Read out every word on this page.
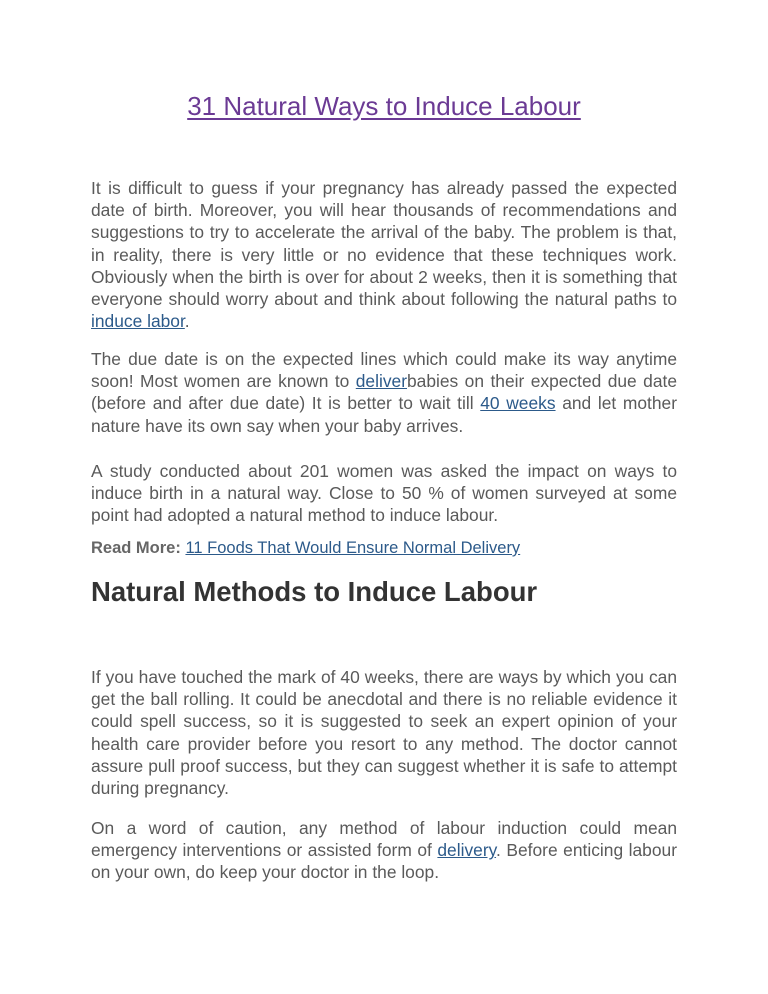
31 Natural Ways to Induce Labour

It is difficult to guess if your pregnancy has already passed the expected date of birth. Moreover, you will hear thousands of recommendations and suggestions to try to accelerate the arrival of the baby. The problem is that, in reality, there is very little or no evidence that these techniques work. Obviously when the birth is over for about 2 weeks, then it is something that everyone should worry about and think about following the natural paths to induce labor.

The due date is on the expected lines which could make its way anytime soon! Most women are known to deliverbabies on their expected due date (before and after due date) It is better to wait till 40 weeks and let mother nature have its own say when your baby arrives.

A study conducted about 201 women was asked the impact on ways to induce birth in a natural way. Close to 50 % of women surveyed at some point had adopted a natural method to induce labour.

Read More: 11 Foods That Would Ensure Normal Delivery

Natural Methods to Induce Labour

If you have touched the mark of 40 weeks, there are ways by which you can get the ball rolling. It could be anecdotal and there is no reliable evidence it could spell success, so it is suggested to seek an expert opinion of your health care provider before you resort to any method. The doctor cannot assure pull proof success, but they can suggest whether it is safe to attempt during pregnancy.

On a word of caution, any method of labour induction could mean emergency interventions or assisted form of delivery. Before enticing labour on your own, do keep your doctor in the loop.
